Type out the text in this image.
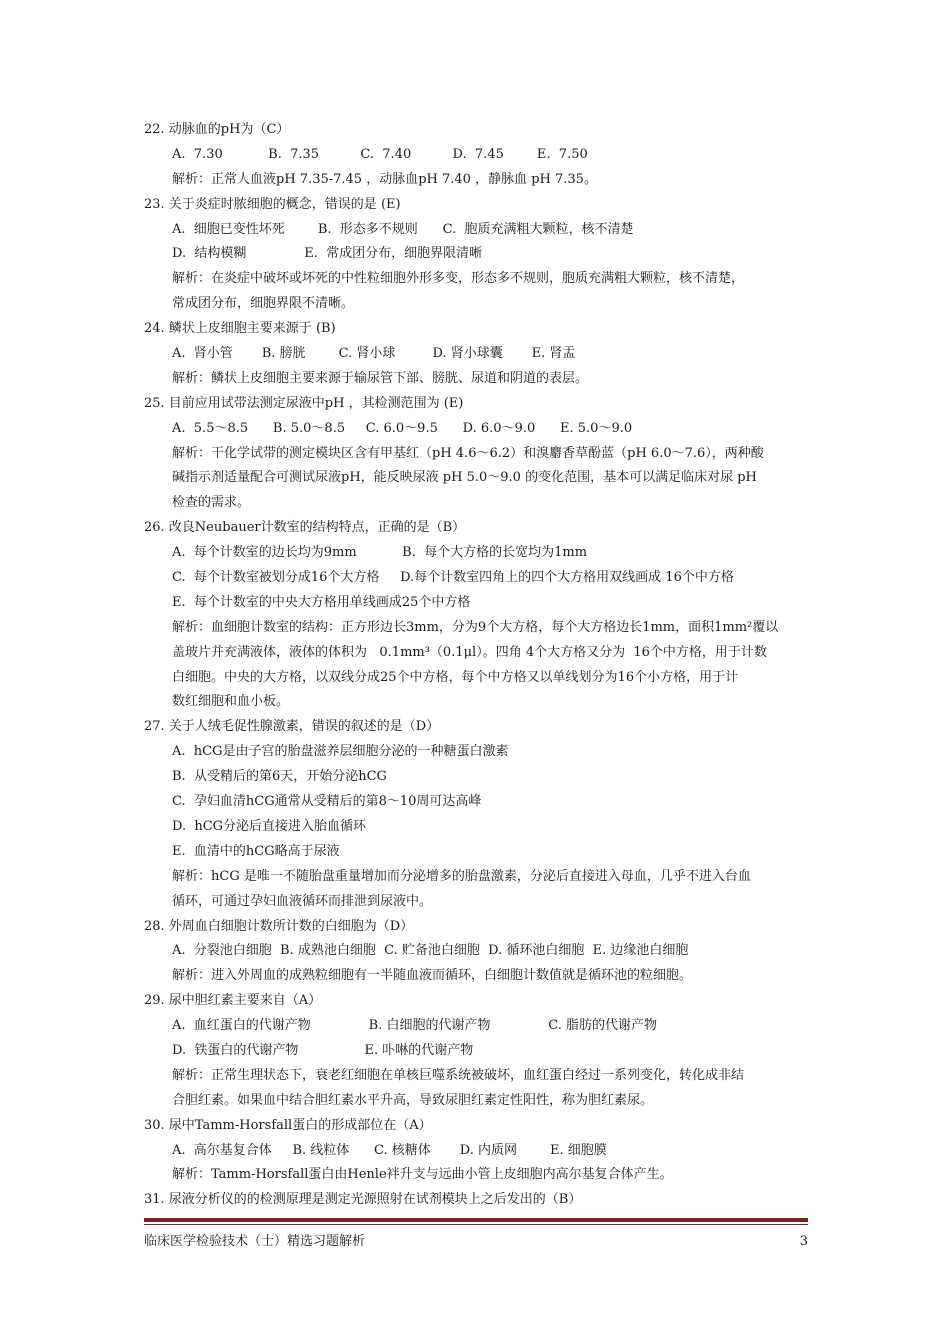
22. 动脉血的pH为（C）
A.  7.30           B.  7.35          C.  7.40          D.  7.45        E.  7.50
解析：正常人血液pH 7.35-7.45 ，动脉血pH 7.40 ，静脉血 pH 7.35。
23. 关于炎症时脓细胞的概念，错误的是 (E)
A.  细胞已变性坏死        B.  形态多不规则      C.  胞质充满粗大颗粒，核不清楚
D.  结构模糊              E.  常成团分布，细胞界限清晰
解析：在炎症中破坏或坏死的中性粒细胞外形多变，形态多不规则，胞质充满粗大颗粒，核不清楚，
常成团分布，细胞界限不清晰。
24. 鳞状上皮细胞主要来源于 (B)
A.  肾小管       B. 膀胱        C. 肾小球         D. 肾小球囊       E. 肾盂
解析：鳞状上皮细胞主要来源于输尿管下部、膀胱、尿道和阴道的表层。
25. 目前应用试带法测定尿液中pH ，其检测范围为 (E)
A.  5.5～8.5      B. 5.0～8.5     C. 6.0～9.5      D. 6.0～9.0      E. 5.0～9.0
解析：干化学试带的测定模块区含有甲基红（pH 4.6～6.2）和溴麝香草酚蓝（pH 6.0～7.6），两种酸
碱指示剂适量配合可测试尿液pH，能反映尿液 pH 5.0～9.0 的变化范围，基本可以满足临床对尿 pH
检查的需求。
26. 改良Neubauer计数室的结构特点，正确的是（B）
A.  每个计数室的边长均为9mm           B.  每个大方格的长宽均为1mm
C.  每个计数室被划分成16个大方格     D.每个计数室四角上的四个大方格用双线画成 16个中方格
E.  每个计数室的中央大方格用单线画成25个中方格
解析：血细胞计数室的结构：正方形边长3mm，分为9个大方格，每个大方格边长1mm，面积1mm²覆以
盖玻片并充满液体，液体的体积为   0.1mm³（0.1μl）。四角 4个大方格又分为  16个中方格，用于计数
白细胞。中央的大方格，以双线分成25个中方格，每个中方格又以单线划分为16个小方格，用于计
数红细胞和血小板。
27. 关于人绒毛促性腺激素，错误的叙述的是（D）
A.  hCG是由子宫的胎盘滋养层细胞分泌的一种糖蛋白激素
B.  从受精后的第6天，开始分泌hCG
C.  孕妇血清hCG通常从受精后的第8～10周可达高峰
D.  hCG分泌后直接进入胎血循环
E.  血清中的hCG略高于尿液
解析：hCG 是唯一不随胎盘重量增加而分泌增多的胎盘激素，分泌后直接进入母血，几乎不进入台血
循环，可通过孕妇血液循环而排泄到尿液中。
28. 外周血白细胞计数所计数的白细胞为（D）
A.  分裂池白细胞  B. 成熟池白细胞  C. 贮备池白细胞  D. 循环池白细胞  E. 边缘池白细胞
解析：进入外周血的成熟粒细胞有一半随血液而循环，白细胞计数值就是循环池的粒细胞。
29. 尿中胆红素主要来自（A）
A.  血红蛋白的代谢产物              B. 白细胞的代谢产物              C. 脂肪的代谢产物
D.  铁蛋白的代谢产物                E. 卟啉的代谢产物
解析：正常生理状态下，衰老红细胞在单核巨噬系统被破坏，血红蛋白经过一系列变化，转化成非结
合胆红素。如果血中结合胆红素水平升高，导致尿胆红素定性阳性，称为胆红素尿。
30. 尿中Tamm-Horsfall蛋白的形成部位在（A）
A.  高尔基复合体     B. 线粒体      C. 核糖体       D. 内质网        E. 细胞膜
解析：Tamm-Horsfall蛋白由Henle袢升支与远曲小管上皮细胞内高尔基复合体产生。
31. 尿液分析仪的的检测原理是测定光源照射在试剂模块上之后发出的（B）
临床医学检验技术（士）精选习题解析	3
